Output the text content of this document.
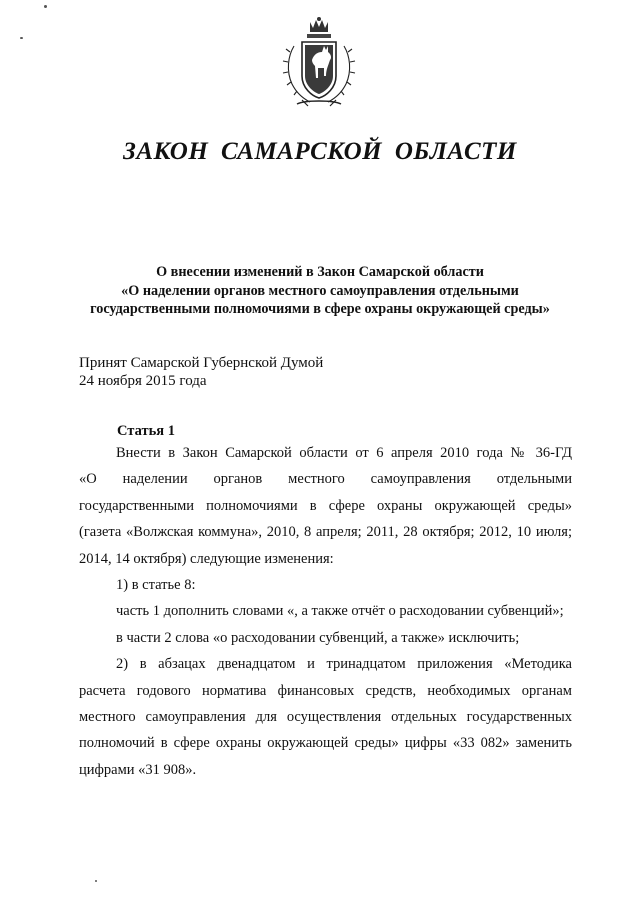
ЗАКОН САМАРСКОЙ ОБЛАСТИ
О внесении изменений в Закон Самарской области
«О наделении органов местного самоуправления отдельными
государственными полномочиями в сфере охраны окружающей среды»
Принят Самарской Губернской Думой
24 ноября 2015 года
Статья 1
Внести в Закон Самарской области от 6 апреля 2010 года № 36-ГД
«О наделении органов местного самоуправления отдельными
государственными полномочиями в сфере охраны окружающей среды»
(газета «Волжская коммуна», 2010, 8 апреля; 2011, 28 октября; 2012, 10 июля;
2014, 14 октября) следующие изменения:
1) в статье 8:
часть 1 дополнить словами «, а также отчёт о расходовании субвенций»;
в части 2 слова «о расходовании субвенций, а также» исключить;
2) в абзацах двенадцатом и тринадцатом приложения «Методика
расчета годового норматива финансовых средств, необходимых органам
местного самоуправления для осуществления отдельных государственных
полномочий в сфере охраны окружающей среды» цифры «33 082» заменить
цифрами «31 908».
